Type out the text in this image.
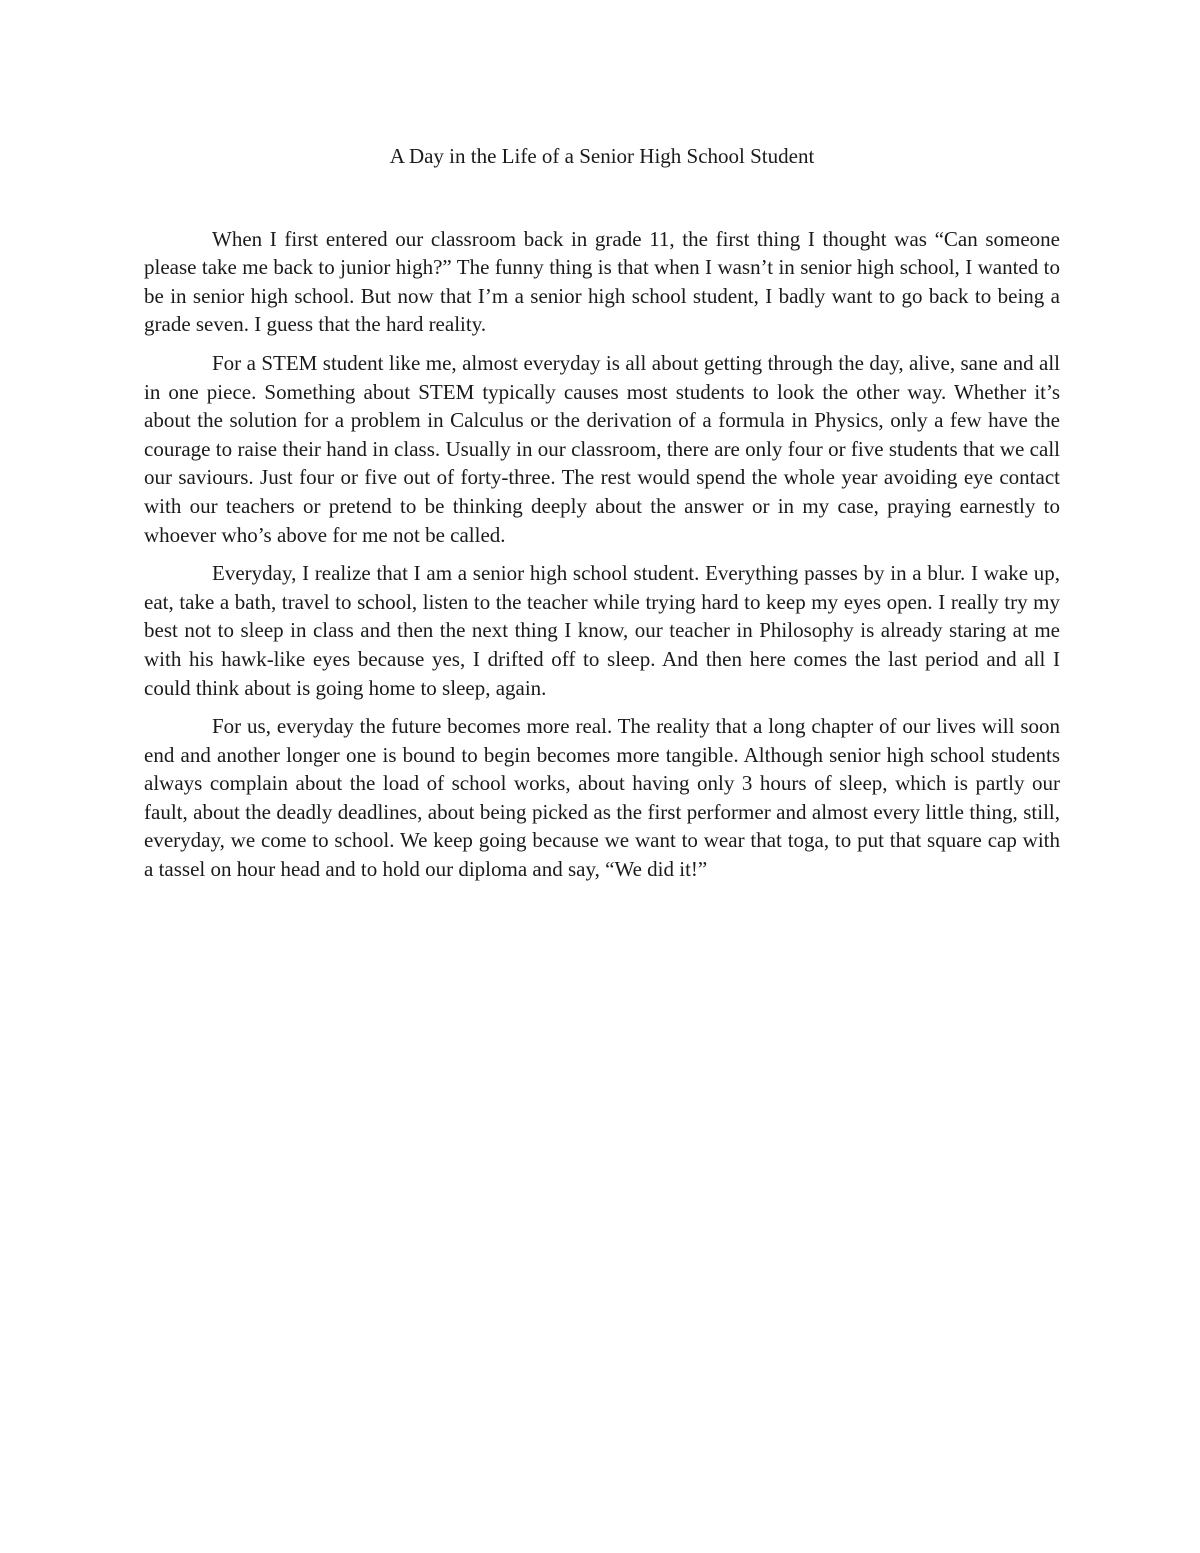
A Day in the Life of a Senior High School Student

When I first entered our classroom back in grade 11, the first thing I thought was “Can someone please take me back to junior high?” The funny thing is that when I wasn’t in senior high school, I wanted to be in senior high school. But now that I’m a senior high school student, I badly want to go back to being a grade seven. I guess that the hard reality.

For a STEM student like me, almost everyday is all about getting through the day, alive, sane and all in one piece. Something about STEM typically causes most students to look the other way. Whether it’s about the solution for a problem in Calculus or the derivation of a formula in Physics, only a few have the courage to raise their hand in class. Usually in our classroom, there are only four or five students that we call our saviours. Just four or five out of forty-three. The rest would spend the whole year avoiding eye contact with our teachers or pretend to be thinking deeply about the answer or in my case, praying earnestly to whoever who’s above for me not be called.

Everyday, I realize that I am a senior high school student. Everything passes by in a blur. I wake up, eat, take a bath, travel to school, listen to the teacher while trying hard to keep my eyes open. I really try my best not to sleep in class and then the next thing I know, our teacher in Philosophy is already staring at me with his hawk-like eyes because yes, I drifted off to sleep. And then here comes the last period and all I could think about is going home to sleep, again.

For us, everyday the future becomes more real. The reality that a long chapter of our lives will soon end and another longer one is bound to begin becomes more tangible. Although senior high school students always complain about the load of school works, about having only 3 hours of sleep, which is partly our fault, about the deadly deadlines, about being picked as the first performer and almost every little thing, still, everyday, we come to school. We keep going because we want to wear that toga, to put that square cap with a tassel on hour head and to hold our diploma and say, “We did it!”
